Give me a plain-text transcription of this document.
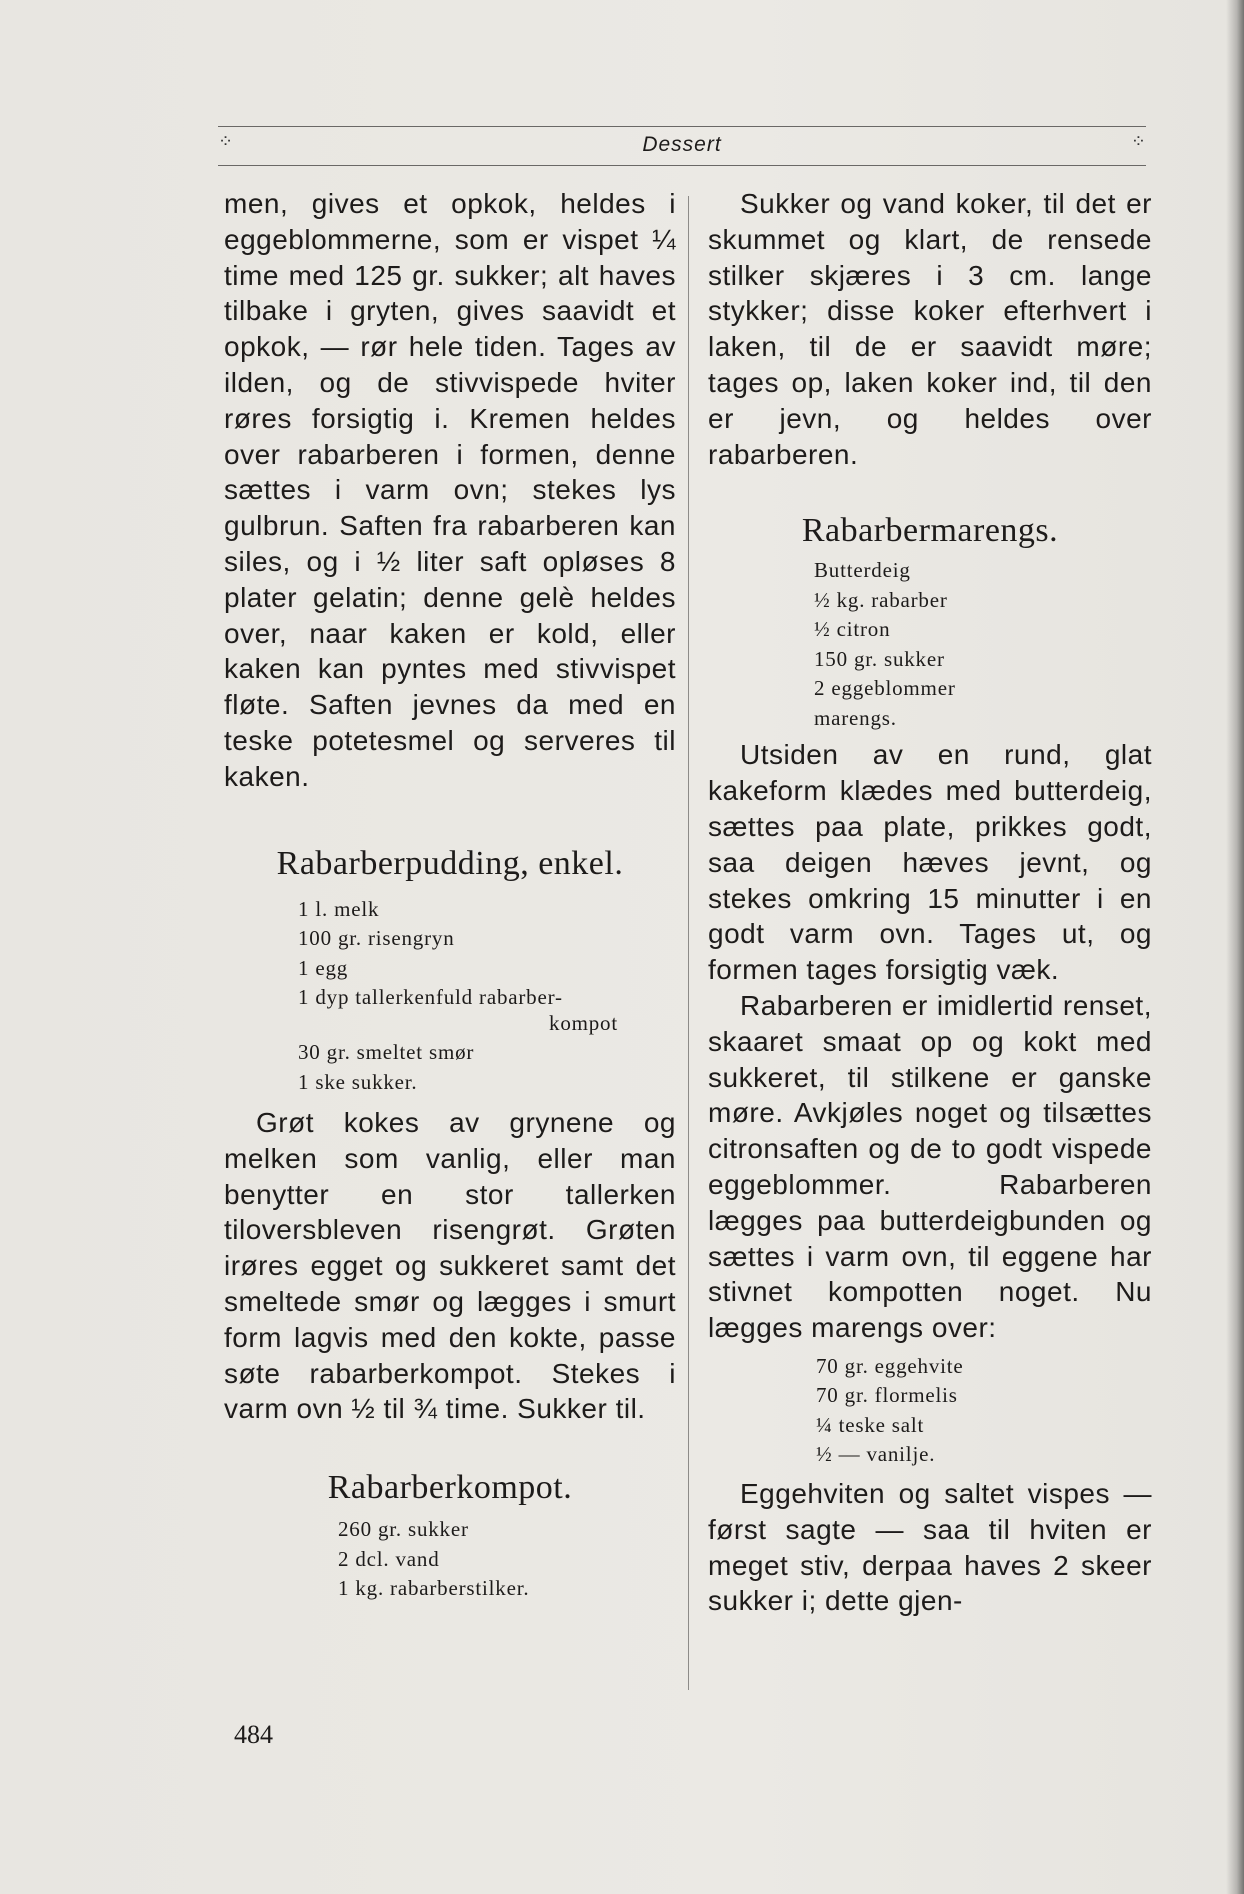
⁘	Dessert	⁘

men, gives et opkok, heldes i eggeblommerne, som er vispet ¼ time med 125 gr. sukker; alt haves tilbake i gryten, gives saavidt et opkok, — rør hele tiden. Tages av ilden, og de stivvispede hviter røres forsigtig i. Kremen heldes over rabarberen i formen, denne sættes i varm ovn; stekes lys gulbrun. Saften fra rabarberen kan siles, og i ½ liter saft opløses 8 plater gelatin; denne gelè heldes over, naar kaken er kold, eller kaken kan pyntes med stivvispet fløte. Saften jevnes da med en teske potetesmel og serveres til kaken.

Rabarberpudding, enkel.
1 l. melk
100 gr. risengryn
1 egg
1 dyp tallerkenfuld rabarber-
kompot
30 gr. smeltet smør
1 ske sukker.

Grøt kokes av grynene og melken som vanlig, eller man benytter en stor tallerken tiloversbleven risengrøt. Grøten irøres egget og sukkeret samt det smeltede smør og lægges i smurt form lagvis med den kokte, passe søte rabarberkompot. Stekes i varm ovn ½ til ¾ time. Sukker til.

Rabarberkompot.
260 gr. sukker
2 dcl. vand
1 kg. rabarberstilker.

Sukker og vand koker, til det er skummet og klart, de rensede stilker skjæres i 3 cm. lange stykker; disse koker efterhvert i laken, til de er saavidt møre; tages op, laken koker ind, til den er jevn, og heldes over rabarberen.

Rabarbermarengs.
Butterdeig
½ kg. rabarber
½ citron
150 gr. sukker
2 eggeblommer
marengs.

Utsiden av en rund, glat kakeform klædes med butterdeig, sættes paa plate, prikkes godt, saa deigen hæves jevnt, og stekes omkring 15 minutter i en godt varm ovn. Tages ut, og formen tages forsigtig væk.

Rabarberen er imidlertid renset, skaaret smaat op og kokt med sukkeret, til stilkene er ganske møre. Avkjøles noget og tilsættes citronsaften og de to godt vispede eggeblommer. Rabarberen lægges paa butterdeigbunden og sættes i varm ovn, til eggene har stivnet kompotten noget. Nu lægges marengs over:

70 gr. eggehvite
70 gr. flormelis
¼ teske salt
½ — vanilje.

Eggehviten og saltet vispes — først sagte — saa til hviten er meget stiv, derpaa haves 2 skeer sukker i; dette gjen-

484
